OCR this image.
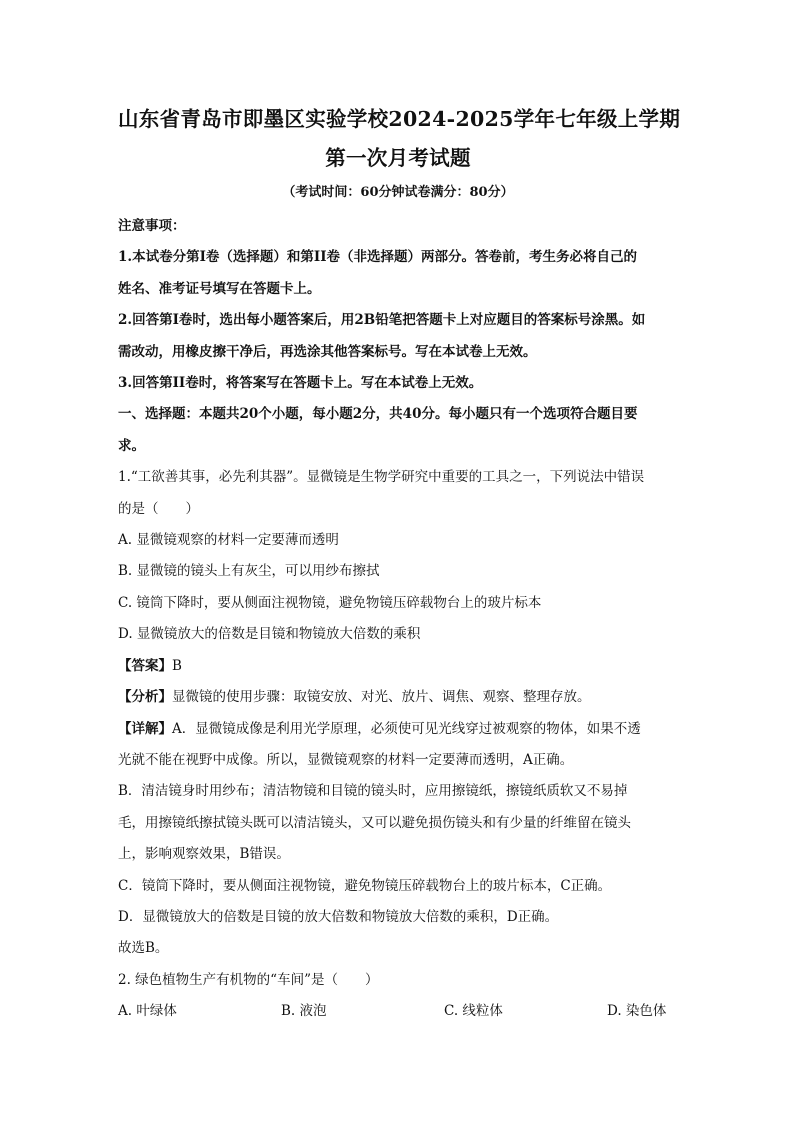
山东省青岛市即墨区实验学校2024-2025学年七年级上学期

第一次月考试题

（考试时间：60分钟试卷满分：80分）

注意事项：

1.本试卷分第I卷（选择题）和第II卷（非选择题）两部分。答卷前，考生务必将自己的

姓名、准考证号填写在答题卡上。

2.回答第I卷时，选出每小题答案后，用2B铅笔把答题卡上对应题目的答案标号涂黑。如

需改动，用橡皮擦干净后，再选涂其他答案标号。写在本试卷上无效。

3.回答第II卷时，将答案写在答题卡上。写在本试卷上无效。

一、选择题：本题共20个小题，每小题2分，共40分。每小题只有一个选项符合题目要

求。

1.“工欲善其事，必先利其器”。显微镜是生物学研究中重要的工具之一，下列说法中错误

的是（　　）

A. 显微镜观察的材料一定要薄而透明

B. 显微镜的镜头上有灰尘，可以用纱布擦拭

C. 镜筒下降时，要从侧面注视物镜，避免物镜压碎载物台上的玻片标本

D. 显微镜放大的倍数是目镜和物镜放大倍数的乘积

【答案】B

【分析】显微镜的使用步骤：取镜安放、对光、放片、调焦、观察、整理存放。

【详解】A．显微镜成像是利用光学原理，必须使可见光线穿过被观察的物体，如果不透

光就不能在视野中成像。所以，显微镜观察的材料一定要薄而透明，A正确。

B．清洁镜身时用纱布；清洁物镜和目镜的镜头时，应用擦镜纸，擦镜纸质软又不易掉

毛，用擦镜纸擦拭镜头既可以清洁镜头，又可以避免损伤镜头和有少量的纤维留在镜头

上，影响观察效果，B错误。

C．镜筒下降时，要从侧面注视物镜，避免物镜压碎载物台上的玻片标本，C正确。

D．显微镜放大的倍数是目镜的放大倍数和物镜放大倍数的乘积，D正确。

故选B。

2. 绿色植物生产有机物的“车间”是（　　）

A. 叶绿体	B. 液泡	C. 线粒体	D. 染色体
